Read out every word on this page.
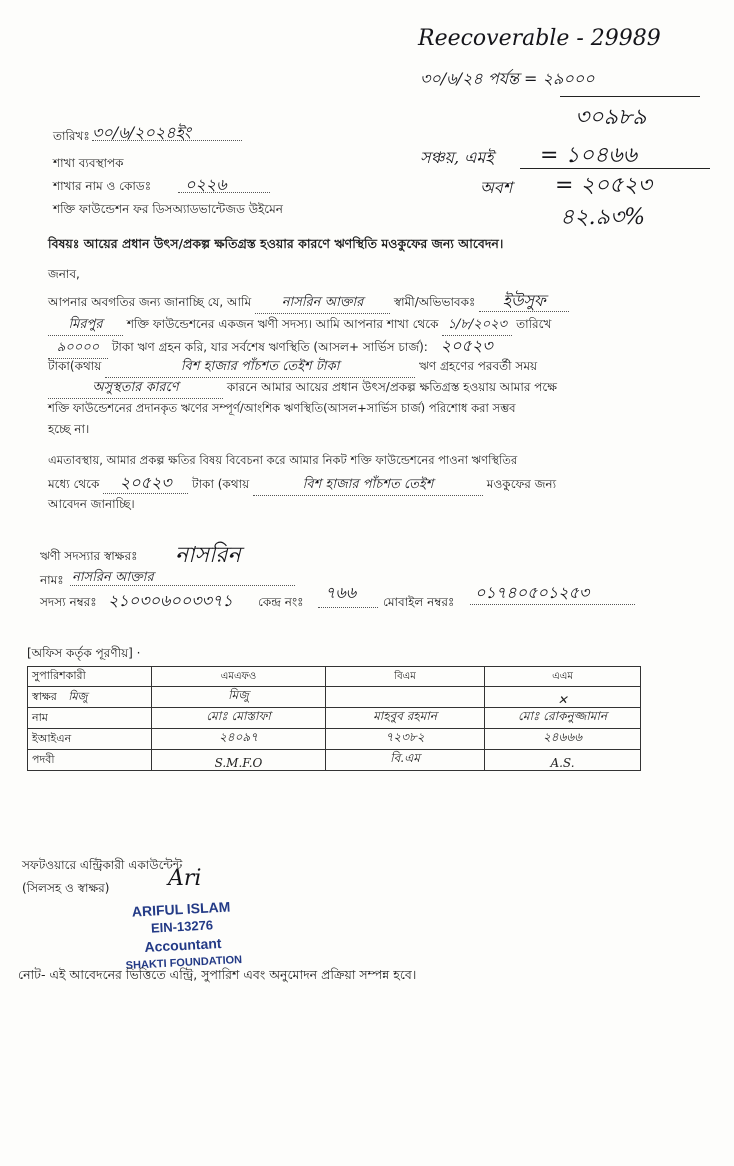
Reecoverable - 29989
৩০/৬/২৪ পর্যন্ত = ২৯০০০
৩০৯৮৯
সঞ্চয়, এমই = ১০৪৬৬
অবশ = ২০৫২৩
৪২.৯৩%
তারিখঃ ৩০/৬/২০২৪ইং
শাখা ব্যবস্থাপক
শাখার নাম ও কোডঃ ০২২৬
শক্তি ফাউন্ডেশন ফর ডিসঅ্যাডভান্টেজড উইমেন
বিষয়ঃ আয়ের প্রধান উৎস/প্রকল্প ক্ষতিগ্রস্ত হওয়ার কারণে ঋণস্থিতি মওকুফের জন্য আবেদন।
জনাব,
আপনার অবগতির জন্য জানাচ্ছি যে, আমি নাসরিন আক্তার	স্বামী/অভিভাবকঃ ইউসুফ
মিরপুর শক্তি ফাউন্ডেশনের একজন ঋণী সদস্য। আমি আপনার শাখা থেকে ১/৮/২০২৩ তারিখে
৯০০০০ টাকা ঋণ গ্রহন করি, যার সর্বশেষ ঋণস্থিতি (আসল+ সার্ভিস চার্জ): ২০৫২৩
টাকা(কথায়	বিশ হাজার পাঁচশত তেইশ টাকা	ঋণ গ্রহণের পরবর্তী সময়
অসুস্থতার কারণে	কারনে আমার আয়ের প্রধান উৎস/প্রকল্প ক্ষতিগ্রস্ত হওয়ায় আমার পক্ষে
শক্তি ফাউন্ডেশনের প্রদানকৃত ঋণের সম্পূর্ণ/আংশিক ঋণস্থিতি(আসল+সার্ভিস চার্জ) পরিশোধ করা সম্ভব
হচ্ছে না।
এমতাবস্থায়, আমার প্রকল্প ক্ষতির বিষয় বিবেচনা করে আমার নিকট শক্তি ফাউন্ডেশনের পাওনা ঋণস্থিতির
মধ্যে থেকে ২০৫২৩ টাকা (কথায়	বিশ হাজার পাঁচশত তেইশ	মওকুফের জন্য
আবেদন জানাচ্ছি।
ঋণী সদস্যার স্বাক্ষরঃ নাসরিন
নামঃ নাসরিন আক্তার
সদস্য নম্বরঃ ২১০৩০৬০০৩৩৭১ কেন্দ্র নংঃ ৭৬৬ মোবাইল নম্বরঃ ০১৭৪০৫০১২৫৩
[অফিস কর্তৃক পূরণীয়] ·
সুপারিশকারী	এমএফও	বিএম	এএম
স্বাক্ষর মিজু	মিজু		✕
নাম	মোঃ মোস্তাফা	মাহবুব রহমান	মোঃ রোকনুজ্জামান
ইআইএন	২৪০৯৭	৭২৩৮২	২৪৬৬৬
পদবী	S.M.F.O	বি.এম	A.S.
সফটওয়ারে এন্ট্রিকারী একাউন্টেন্ট
(সিলসহ ও স্বাক্ষর)	Ari
ARIFUL ISLAM
EIN-13276
Accountant
SHAKTI FOUNDATION
নোট- এই আবেদনের ভিত্তিতে এন্ট্রি, সুপারিশ এবং অনুমোদন প্রক্রিয়া সম্পন্ন হবে।
